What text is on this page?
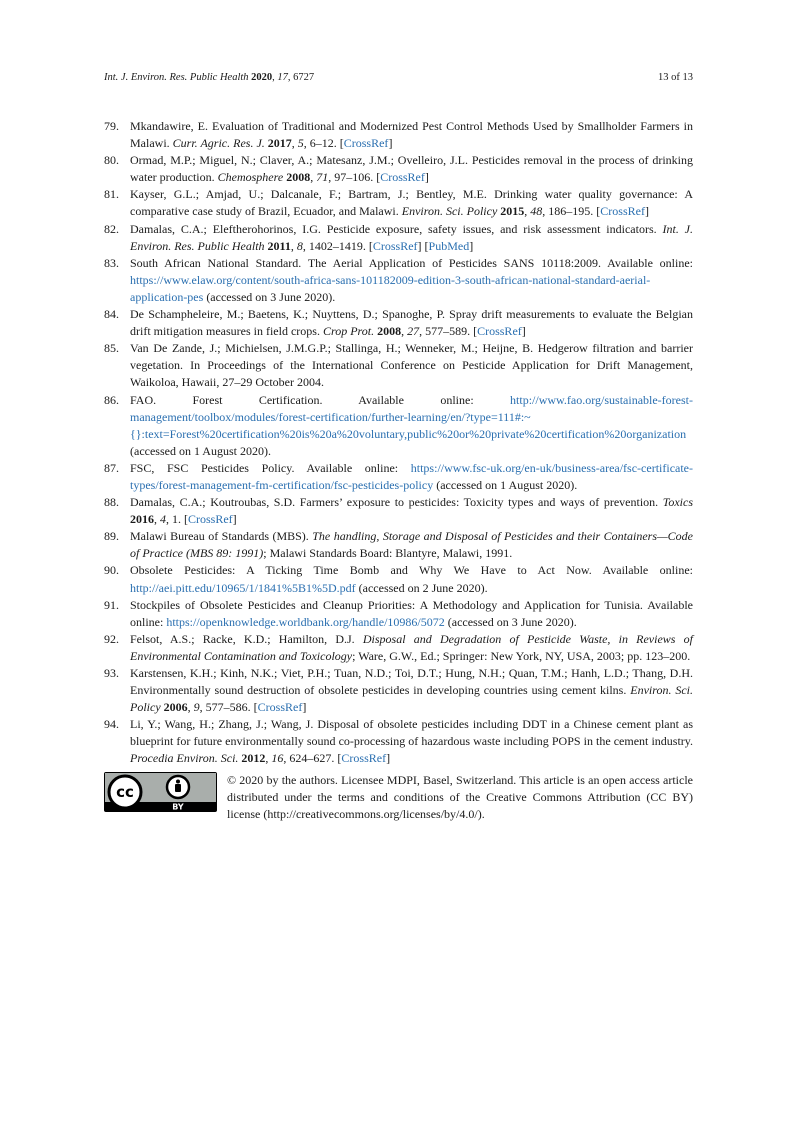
Int. J. Environ. Res. Public Health 2020, 17, 6727	13 of 13
79. Mkandawire, E. Evaluation of Traditional and Modernized Pest Control Methods Used by Smallholder Farmers in Malawi. Curr. Agric. Res. J. 2017, 5, 6–12. [CrossRef]
80. Ormad, M.P.; Miguel, N.; Claver, A.; Matesanz, J.M.; Ovelleiro, J.L. Pesticides removal in the process of drinking water production. Chemosphere 2008, 71, 97–106. [CrossRef]
81. Kayser, G.L.; Amjad, U.; Dalcanale, F.; Bartram, J.; Bentley, M.E. Drinking water quality governance: A comparative case study of Brazil, Ecuador, and Malawi. Environ. Sci. Policy 2015, 48, 186–195. [CrossRef]
82. Damalas, C.A.; Eleftherohorinos, I.G. Pesticide exposure, safety issues, and risk assessment indicators. Int. J. Environ. Res. Public Health 2011, 8, 1402–1419. [CrossRef] [PubMed]
83. South African National Standard. The Aerial Application of Pesticides SANS 10118:2009. Available online: https://www.elaw.org/content/south-africa-sans-101182009-edition-3-south-african-national-standard-aerial-application-pes (accessed on 3 June 2020).
84. De Schampheleire, M.; Baetens, K.; Nuyttens, D.; Spanoghe, P. Spray drift measurements to evaluate the Belgian drift mitigation measures in field crops. Crop Prot. 2008, 27, 577–589. [CrossRef]
85. Van De Zande, J.; Michielsen, J.M.G.P.; Stallinga, H.; Wenneker, M.; Heijne, B. Hedgerow filtration and barrier vegetation. In Proceedings of the International Conference on Pesticide Application for Drift Management, Waikoloa, Hawaii, 27–29 October 2004.
86. FAO. Forest Certification. Available online: http://www.fao.org/sustainable-forest-management/toolbox/modules/forest-certification/further-learning/en/?type=111#:~{}:text=Forest%20certification%20is%20a%20voluntary,public%20or%20private%20certification%20organization (accessed on 1 August 2020).
87. FSC, FSC Pesticides Policy. Available online: https://www.fsc-uk.org/en-uk/business-area/fsc-certificate-types/forest-management-fm-certification/fsc-pesticides-policy (accessed on 1 August 2020).
88. Damalas, C.A.; Koutroubas, S.D. Farmers’ exposure to pesticides: Toxicity types and ways of prevention. Toxics 2016, 4, 1. [CrossRef]
89. Malawi Bureau of Standards (MBS). The handling, Storage and Disposal of Pesticides and their Containers—Code of Practice (MBS 89: 1991); Malawi Standards Board: Blantyre, Malawi, 1991.
90. Obsolete Pesticides: A Ticking Time Bomb and Why We Have to Act Now. Available online: http://aei.pitt.edu/10965/1/1841%5B1%5D.pdf (accessed on 2 June 2020).
91. Stockpiles of Obsolete Pesticides and Cleanup Priorities: A Methodology and Application for Tunisia. Available online: https://openknowledge.worldbank.org/handle/10986/5072 (accessed on 3 June 2020).
92. Felsot, A.S.; Racke, K.D.; Hamilton, D.J. Disposal and Degradation of Pesticide Waste, in Reviews of Environmental Contamination and Toxicology; Ware, G.W., Ed.; Springer: New York, NY, USA, 2003; pp. 123–200.
93. Karstensen, K.H.; Kinh, N.K.; Viet, P.H.; Tuan, N.D.; Toi, D.T.; Hung, N.H.; Quan, T.M.; Hanh, L.D.; Thang, D.H. Environmentally sound destruction of obsolete pesticides in developing countries using cement kilns. Environ. Sci. Policy 2006, 9, 577–586. [CrossRef]
94. Li, Y.; Wang, H.; Zhang, J.; Wang, J. Disposal of obsolete pesticides including DDT in a Chinese cement plant as blueprint for future environmentally sound co-processing of hazardous waste including POPS in the cement industry. Procedia Environ. Sci. 2012, 16, 624–627. [CrossRef]
cc
BY
© 2020 by the authors. Licensee MDPI, Basel, Switzerland. This article is an open access article distributed under the terms and conditions of the Creative Commons Attribution (CC BY) license (http://creativecommons.org/licenses/by/4.0/).
